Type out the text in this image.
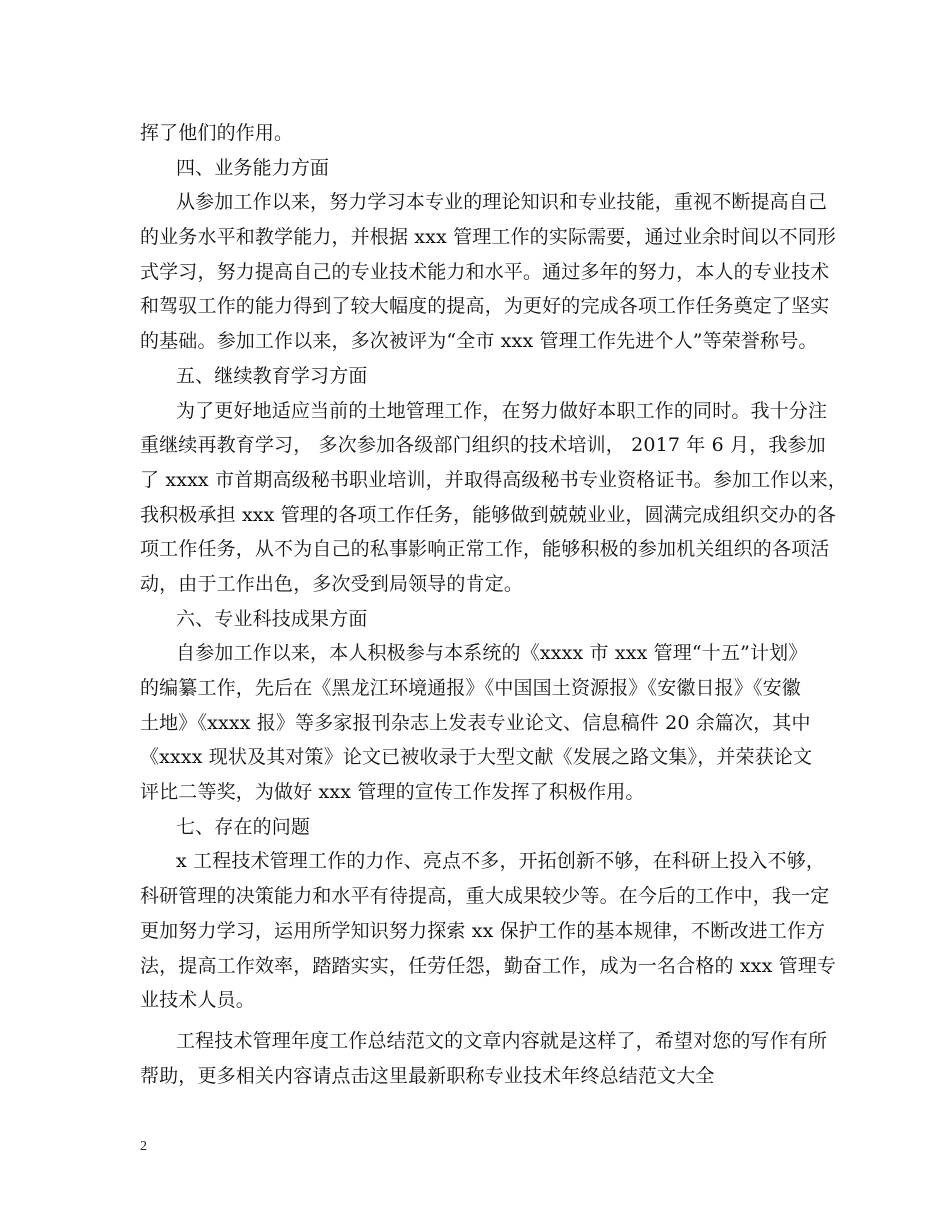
挥了他们的作用。
四、业务能力方面
从参加工作以来，努力学习本专业的理论知识和专业技能，重视不断提高自己
的业务水平和教学能力，并根据 xxx 管理工作的实际需要，通过业余时间以不同形
式学习，努力提高自己的专业技术能力和水平。通过多年的努力，本人的专业技术
和驾驭工作的能力得到了较大幅度的提高，为更好的完成各项工作任务奠定了坚实
的基础。参加工作以来，多次被评为“全市 xxx 管理工作先进个人”等荣誉称号。
五、继续教育学习方面
为了更好地适应当前的土地管理工作，在努力做好本职工作的同时。我十分注
重继续再教育学习， 多次参加各级部门组织的技术培训， 2017 年 6 月，我参加
了 xxxx 市首期高级秘书职业培训，并取得高级秘书专业资格证书。参加工作以来，
我积极承担 xxx 管理的各项工作任务，能够做到兢兢业业，圆满完成组织交办的各
项工作任务，从不为自己的私事影响正常工作，能够积极的参加机关组织的各项活
动，由于工作出色，多次受到局领导的肯定。
六、专业科技成果方面
自参加工作以来，本人积极参与本系统的《xxxx 市 xxx 管理“十五”计划》
的编纂工作，先后在《黑龙江环境通报》《中国国土资源报》《安徽日报》《安徽
土地》《xxxx 报》等多家报刊杂志上发表专业论文、信息稿件 20 余篇次，其中
《xxxx 现状及其对策》论文已被收录于大型文献《发展之路文集》，并荣获论文
评比二等奖，为做好 xxx 管理的宣传工作发挥了积极作用。
七、存在的问题
x 工程技术管理工作的力作、亮点不多，开拓创新不够，在科研上投入不够，
科研管理的决策能力和水平有待提高，重大成果较少等。在今后的工作中，我一定
更加努力学习，运用所学知识努力探索 xx 保护工作的基本规律，不断改进工作方
法，提高工作效率，踏踏实实，任劳任怨，勤奋工作，成为一名合格的 xxx 管理专
业技术人员。
工程技术管理年度工作总结范文的文章内容就是这样了，希望对您的写作有所
帮助，更多相关内容请点击这里最新职称专业技术年终总结范文大全
2
